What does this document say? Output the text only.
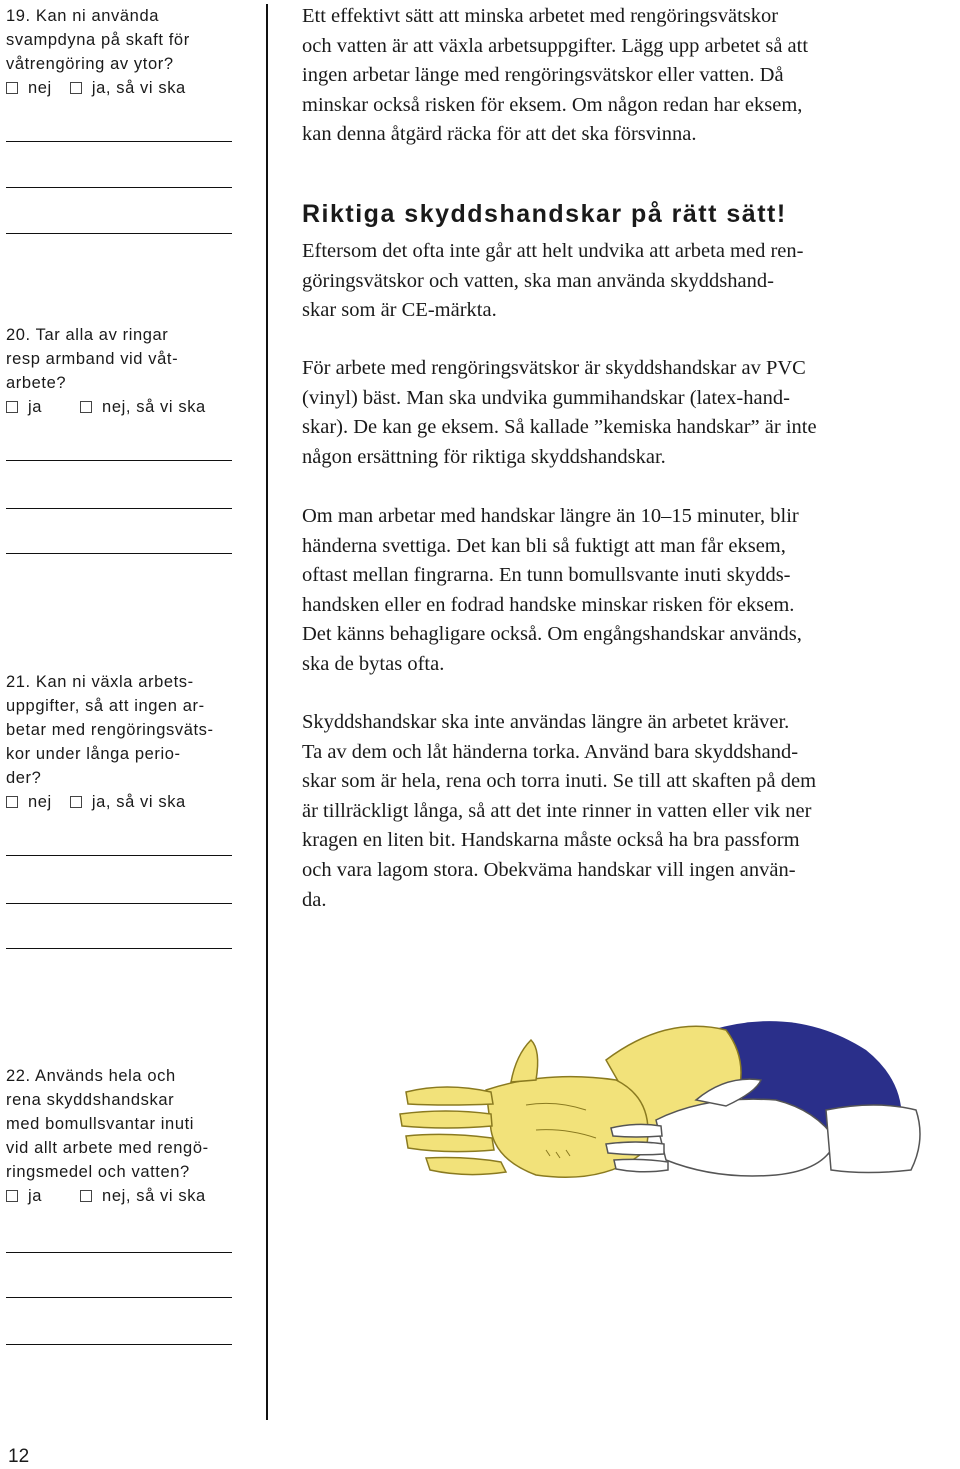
19. Kan ni använda
svampdyna på skaft för
våtrengöring av ytor?
nej ja, så vi ska
20. Tar alla av ringar
resp armband vid våt-
arbete?
ja	nej, så vi ska
21. Kan ni växla arbets-
uppgifter, så att ingen ar-
betar med rengöringsväts-
kor under långa perio-
der?
nej ja, så vi ska
22. Används hela och
rena skyddshandskar
med bomullsvantar inuti
vid allt arbete med rengö-
ringsmedel och vatten?
ja	nej, så vi ska

Ett effektivt sätt att minska arbetet med rengöringsvätskor
och vatten är att växla arbetsuppgifter. Lägg upp arbetet så att
ingen arbetar länge med rengöringsvätskor eller vatten. Då
minskar också risken för eksem. Om någon redan har eksem,
kan denna åtgärd räcka för att det ska försvinna.

Riktiga skyddshandskar på rätt sätt!

Eftersom det ofta inte går att helt undvika att arbeta med ren-
göringsvätskor och vatten, ska man använda skyddshand-
skar som är CE-märkta.

För arbete med rengöringsvätskor är skyddshandskar av PVC
(vinyl) bäst. Man ska undvika gummihandskar (latex-hand-
skar). De kan ge eksem. Så kallade ”kemiska handskar” är inte
någon ersättning för riktiga skyddshandskar.

Om man arbetar med handskar längre än 10–15 minuter, blir
händerna svettiga. Det kan bli så fuktigt att man får eksem,
oftast mellan fingrarna. En tunn bomullsvante inuti skydds-
handsken eller en fodrad handske minskar risken för eksem.
Det känns behagligare också. Om engångshandskar används,
ska de bytas ofta.

Skyddshandskar ska inte användas längre än arbetet kräver.
Ta av dem och låt händerna torka. Använd bara skyddshand-
skar som är hela, rena och torra inuti. Se till att skaften på dem
är tillräckligt långa, så att det inte rinner in vatten eller vik ner
kragen en liten bit. Handskarna måste också ha bra passform
och vara lagom stora. Obekväma handskar vill ingen använ-
da.

12
